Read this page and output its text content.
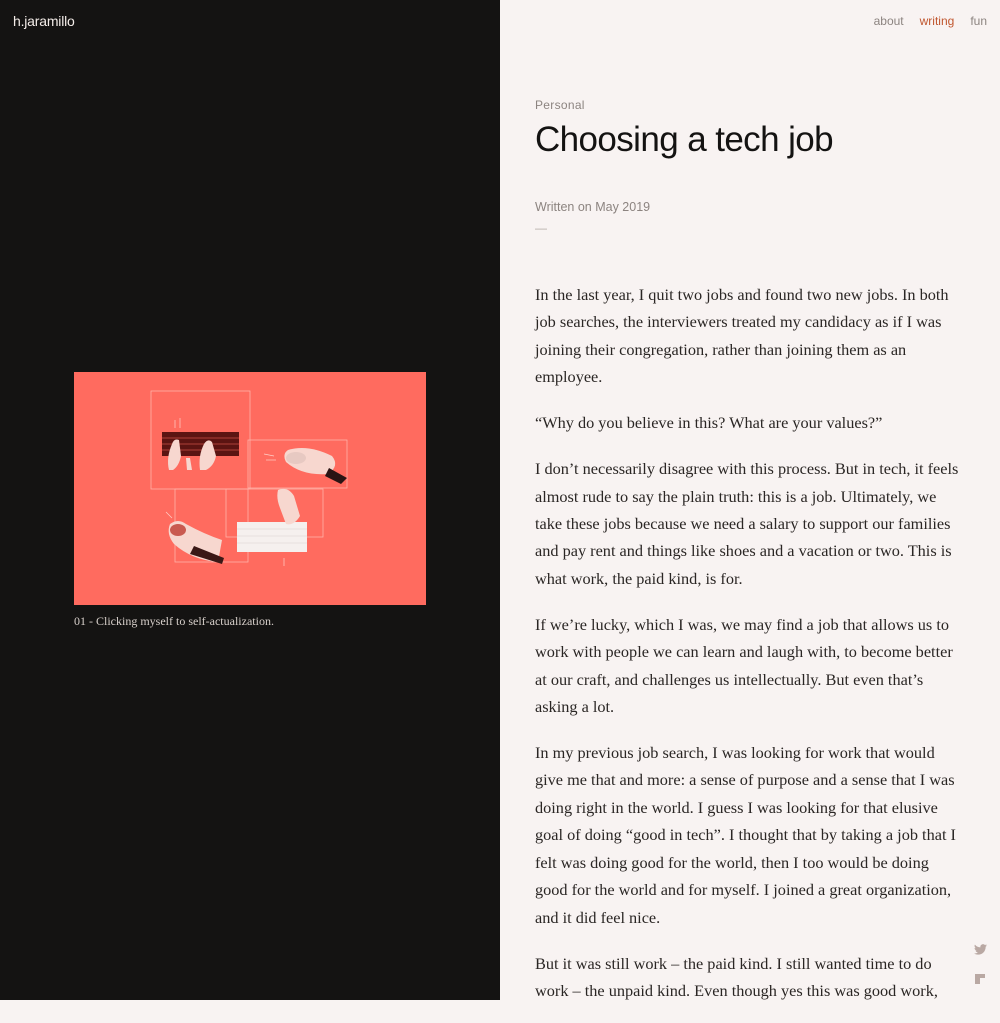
h.jaramillo
01 - Clicking myself to self-actualization.
about writing fun
Personal
Choosing a tech job
Written on May 2019
—

In the last year, I quit two jobs and found two new jobs. In both job searches, the interviewers treated my candidacy as if I was joining their congregation, rather than joining them as an employee.

“Why do you believe in this? What are your values?”

I don’t necessarily disagree with this process. But in tech, it feels almost rude to say the plain truth: this is a job. Ultimately, we take these jobs because we need a salary to support our families and pay rent and things like shoes and a vacation or two. This is what work, the paid kind, is for.

If we’re lucky, which I was, we may find a job that allows us to work with people we can learn and laugh with, to become better at our craft, and challenges us intellectually. But even that’s asking a lot.

In my previous job search, I was looking for work that would give me that and more: a sense of purpose and a sense that I was doing right in the world. I guess I was looking for that elusive goal of doing “good in tech”. I thought that by taking a job that I felt was doing good for the world, then I too would be doing good for the world and for myself. I joined a great organization, and it did feel nice.

But it was still work – the paid kind. I still wanted time to do work – the unpaid kind. Even though yes this was good work,
